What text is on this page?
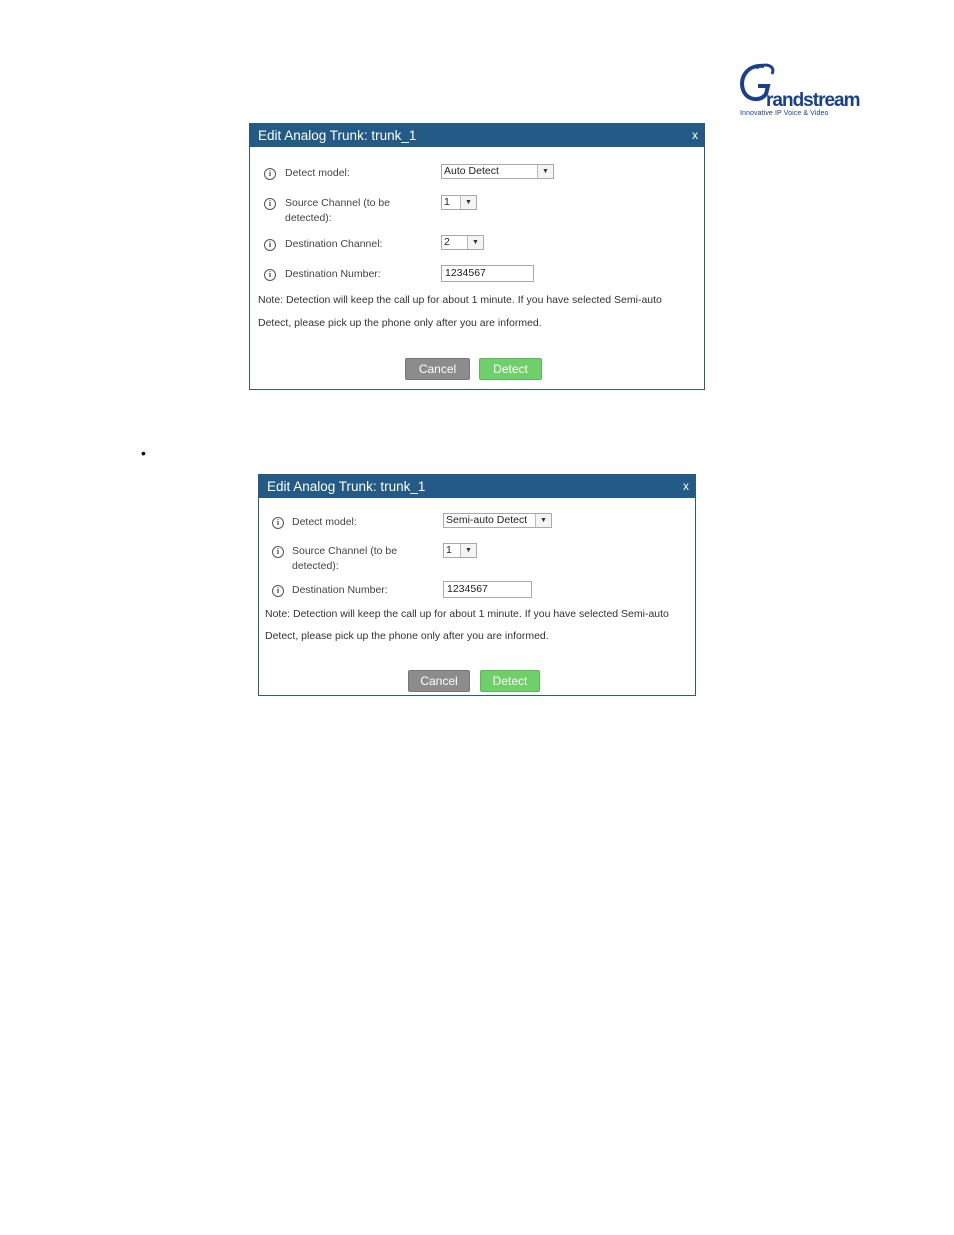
randstream
Innovative IP Voice & Video
Edit Analog Trunk: trunk_1	x
i	Detect model:	Auto Detect	▼
i	Source Channel (to be
detected):
1	▼
i	Destination Channel:	2	▼
i	Destination Number:	1234567
Note: Detection will keep the call up for about 1 minute. If you have selected Semi-auto
Detect, please pick up the phone only after you are informed.
Cancel	Detect
•
Edit Analog Trunk: trunk_1	x
i	Detect model:	Semi-auto Detect	▼
i	Source Channel (to be
detected):
1	▼
i	Destination Number:	1234567
Note: Detection will keep the call up for about 1 minute. If you have selected Semi-auto
Detect, please pick up the phone only after you are informed.
Cancel	Detect
